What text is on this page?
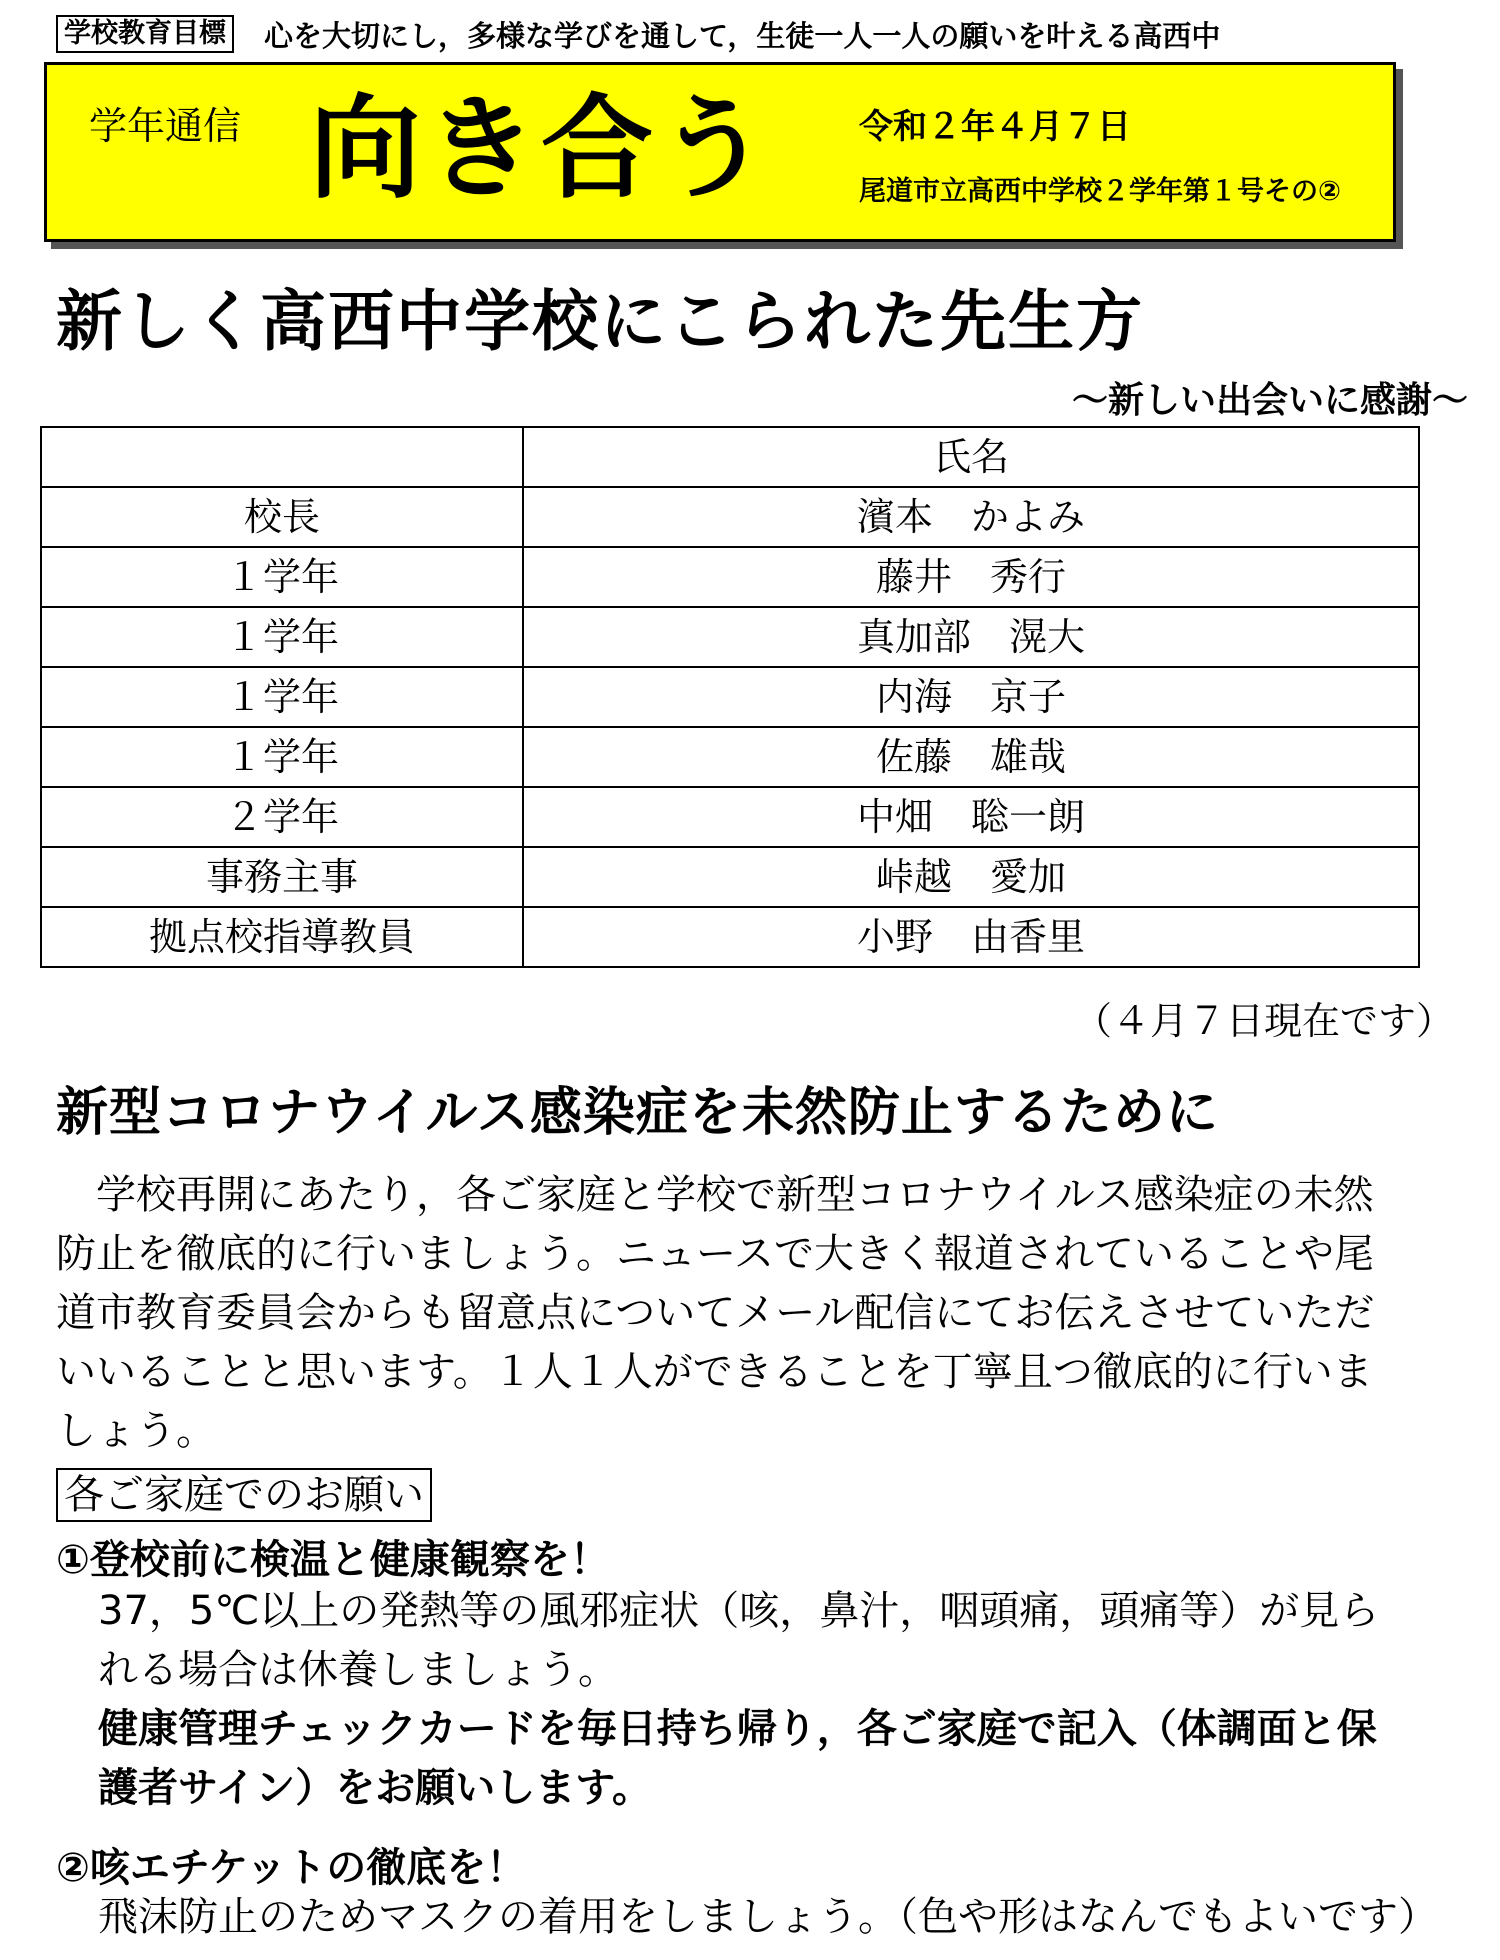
学校教育目標 心を大切にし，多様な学びを通して，生徒一人一人の願いを叶える高西中
学年通信 向き合う	令和２年４月７日
尾道市立高西中学校２学年第１号その②
新しく高西中学校にこられた先生方
～新しい出会いに感謝～
	氏名
校長	濱本　かよみ
１学年	藤井　秀行
１学年	真加部　滉大
１学年	内海　京子
１学年	佐藤　雄哉
２学年	中畑　聡一朗
事務主事	峠越　愛加
拠点校指導教員	小野　由香里
（４月７日現在です）
新型コロナウイルス感染症を未然防止するために
　学校再開にあたり，各ご家庭と学校で新型コロナウイルス感染症の未然
防止を徹底的に行いましょう。ニュースで大きく報道されていることや尾
道市教育委員会からも留意点についてメール配信にてお伝えさせていただ
いいることと思います。１人１人ができることを丁寧且つ徹底的に行いま
しょう。
各ご家庭でのお願い
①登校前に検温と健康観察を！
37，5℃以上の発熱等の風邪症状（咳，鼻汁，咽頭痛，頭痛等）が見ら
れる場合は休養しましょう。
健康管理チェックカードを毎日持ち帰り，各ご家庭で記入（体調面と保
護者サイン）をお願いします。
②咳エチケットの徹底を！
飛沫防止のためマスクの着用をしましょう。（色や形はなんでもよいです）
